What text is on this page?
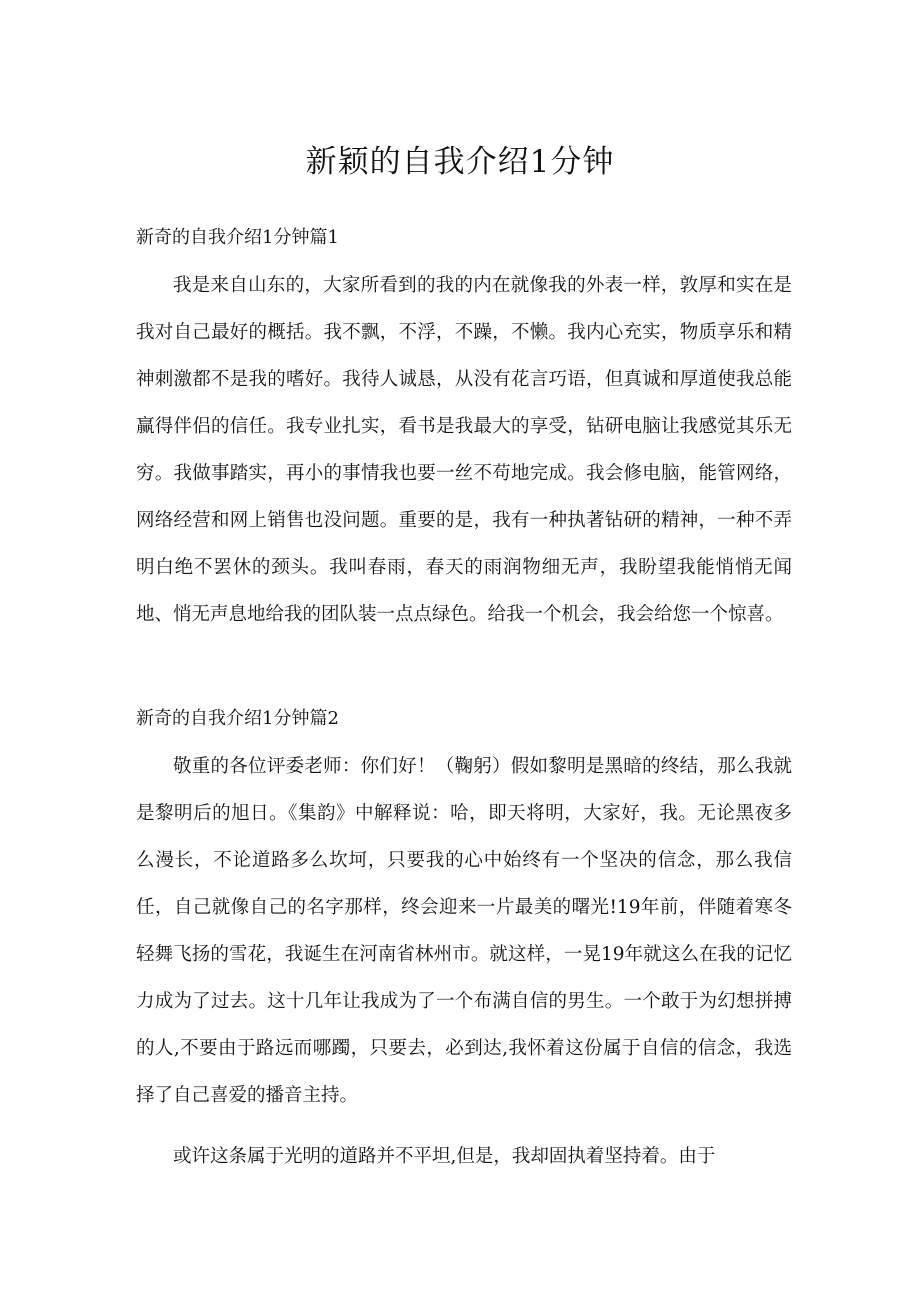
新颖的自我介绍1分钟
新奇的自我介绍1分钟篇1

我是来自山东的，大家所看到的我的内在就像我的外表一样，敦厚和实在是我对自己最好的概括。我不飘，不浮，不躁，不懒。我内心充实，物质享乐和精神刺激都不是我的嗜好。我待人诚恳，从没有花言巧语，但真诚和厚道使我总能赢得伴侣的信任。我专业扎实，看书是我最大的享受，钻研电脑让我感觉其乐无穷。我做事踏实，再小的事情我也要一丝不苟地完成。我会修电脑，能管网络，网络经营和网上销售也没问题。重要的是，我有一种执著钻研的精神，一种不弄明白绝不罢休的颈头。我叫春雨，春天的雨润物细无声，我盼望我能悄悄无闻地、悄无声息地给我的团队装一点点绿色。给我一个机会，我会给您一个惊喜。

新奇的自我介绍1分钟篇2

敬重的各位评委老师：你们好！（鞠躬）假如黎明是黑暗的终结，那么我就是黎明后的旭日。《集韵》中解释说：哈，即天将明，大家好，我。无论黑夜多么漫长，不论道路多么坎坷，只要我的心中始终有一个坚决的信念，那么我信任，自己就像自己的名字那样，终会迎来一片最美的曙光!19年前，伴随着寒冬轻舞飞扬的雪花，我诞生在河南省林州市。就这样，一晃19年就这么在我的记忆力成为了过去。这十几年让我成为了一个布满自信的男生。一个敢于为幻想拼搏的人,不要由于路远而哪躅，只要去，必到达,我怀着这份属于自信的信念，我选择了自己喜爱的播音主持。

或许这条属于光明的道路并不平坦,但是，我却固执着坚持着。由于
